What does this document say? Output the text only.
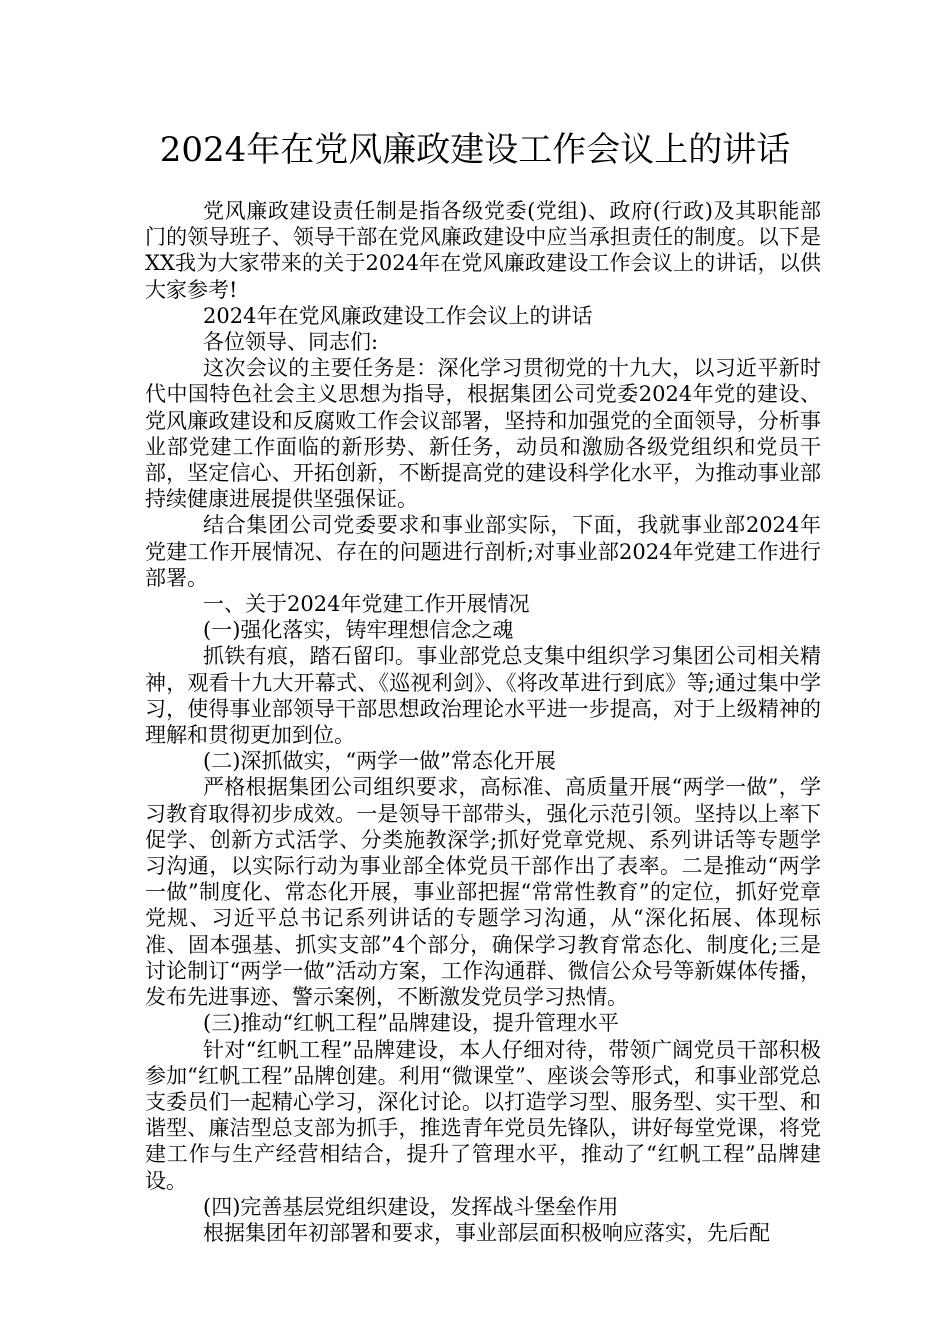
2024年在党风廉政建设工作会议上的讲话

党风廉政建设责任制是指各级党委(党组)、政府(行政)及其职能部门的领导班子、领导干部在党风廉政建设中应当承担责任的制度。以下是XX我为大家带来的关于2024年在党风廉政建设工作会议上的讲话，以供大家参考!

2024年在党风廉政建设工作会议上的讲话

各位领导、同志们:

这次会议的主要任务是：深化学习贯彻党的十九大，以习近平新时代中国特色社会主义思想为指导，根据集团公司党委2024年党的建设、党风廉政建设和反腐败工作会议部署，坚持和加强党的全面领导，分析事业部党建工作面临的新形势、新任务，动员和激励各级党组织和党员干部，坚定信心、开拓创新，不断提高党的建设科学化水平，为推动事业部持续健康进展提供坚强保证。

结合集团公司党委要求和事业部实际，下面，我就事业部2024年党建工作开展情况、存在的问题进行剖析;对事业部2024年党建工作进行部署。

一、关于2024年党建工作开展情况

(一)强化落实，铸牢理想信念之魂

抓铁有痕，踏石留印。事业部党总支集中组织学习集团公司相关精神，观看十九大开幕式、《巡视利剑》、《将改革进行到底》等;通过集中学习，使得事业部领导干部思想政治理论水平进一步提高，对于上级精神的理解和贯彻更加到位。

(二)深抓做实，“两学一做”常态化开展

严格根据集团公司组织要求，高标准、高质量开展“两学一做”，学习教育取得初步成效。一是领导干部带头，强化示范引领。坚持以上率下促学、创新方式活学、分类施教深学;抓好党章党规、系列讲话等专题学习沟通，以实际行动为事业部全体党员干部作出了表率。二是推动“两学一做”制度化、常态化开展，事业部把握“常常性教育”的定位，抓好党章党规、习近平总书记系列讲话的专题学习沟通，从“深化拓展、体现标准、固本强基、抓实支部”4个部分，确保学习教育常态化、制度化;三是讨论制订“两学一做”活动方案，工作沟通群、微信公众号等新媒体传播，发布先进事迹、警示案例，不断激发党员学习热情。

(三)推动“红帆工程”品牌建设，提升管理水平

针对“红帆工程”品牌建设，本人仔细对待，带领广阔党员干部积极参加“红帆工程”品牌创建。利用“微课堂”、座谈会等形式，和事业部党总支委员们一起精心学习，深化讨论。以打造学习型、服务型、实干型、和谐型、廉洁型总支部为抓手，推选青年党员先锋队，讲好每堂党课，将党建工作与生产经营相结合，提升了管理水平，推动了“红帆工程”品牌建设。

(四)完善基层党组织建设，发挥战斗堡垒作用

根据集团年初部署和要求，事业部层面积极响应落实，先后配
